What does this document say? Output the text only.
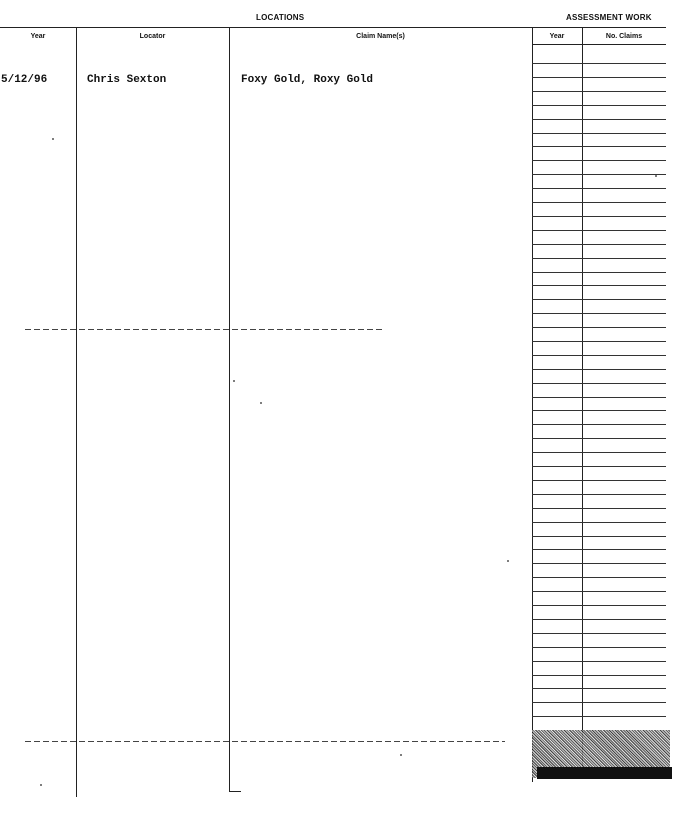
LOCATIONS	ASSESSMENT WORK
Year	Locator	Claim Name(s)	Year	No. Claims
5/12/96	Chris Sexton	Foxy Gold, Roxy Gold
